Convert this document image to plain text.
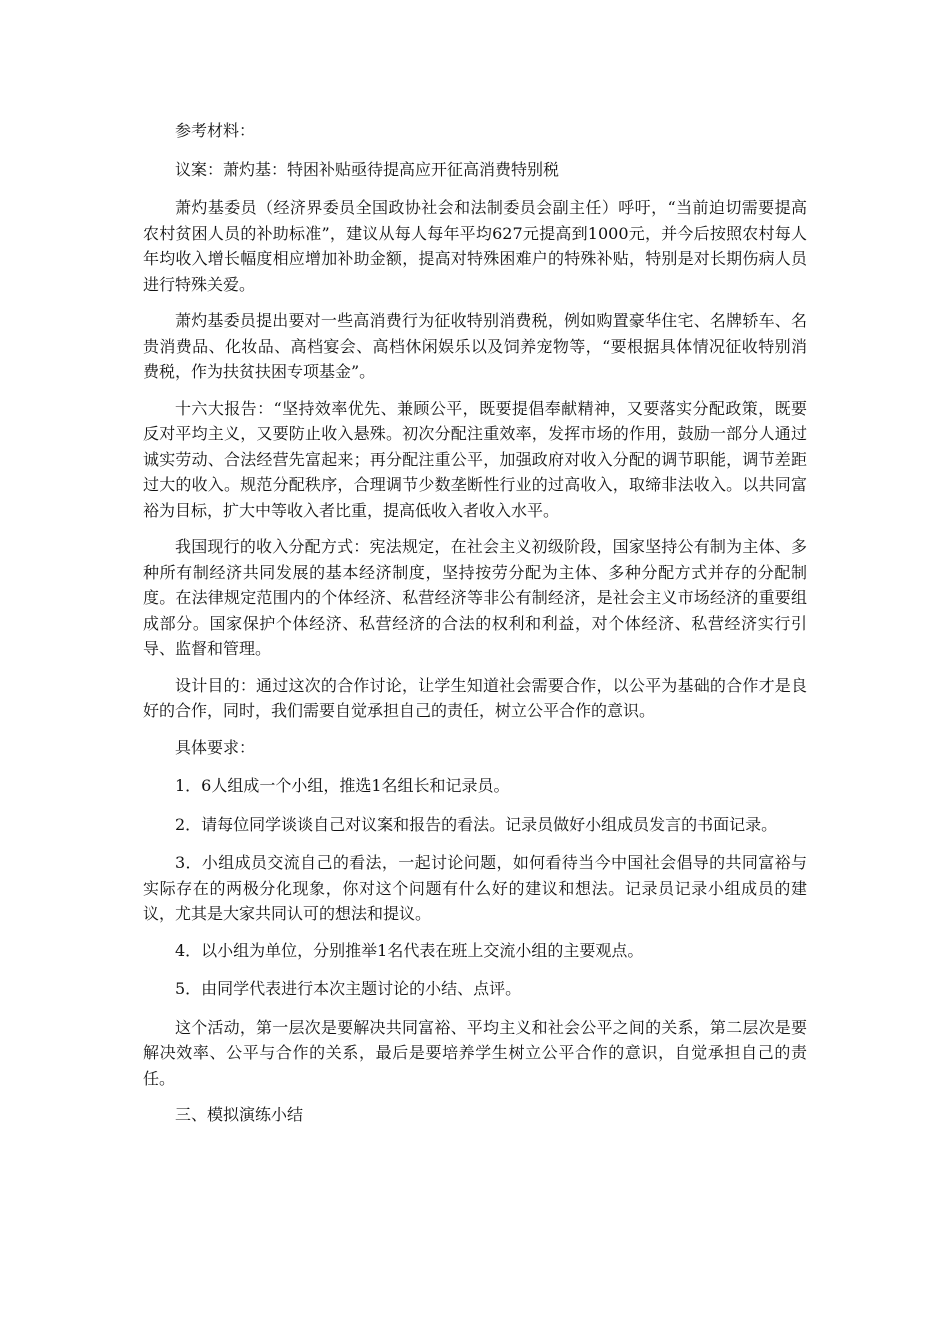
参考材料：

议案：萧灼基：特困补贴亟待提高应开征高消费特别税

萧灼基委员（经济界委员全国政协社会和法制委员会副主任）呼吁，“当前迫切需要提高农村贫困人员的补助标准”，建议从每人每年平均627元提高到1000元，并今后按照农村每人年均收入增长幅度相应增加补助金额，提高对特殊困难户的特殊补贴，特别是对长期伤病人员进行特殊关爱。

萧灼基委员提出要对一些高消费行为征收特别消费税，例如购置豪华住宅、名牌轿车、名贵消费品、化妆品、高档宴会、高档休闲娱乐以及饲养宠物等，“要根据具体情况征收特别消费税，作为扶贫扶困专项基金”。

十六大报告：“坚持效率优先、兼顾公平，既要提倡奉献精神，又要落实分配政策，既要反对平均主义，又要防止收入悬殊。初次分配注重效率，发挥市场的作用，鼓励一部分人通过诚实劳动、合法经营先富起来；再分配注重公平，加强政府对收入分配的调节职能，调节差距过大的收入。规范分配秩序，合理调节少数垄断性行业的过高收入，取缔非法收入。以共同富裕为目标，扩大中等收入者比重，提高低收入者收入水平。

我国现行的收入分配方式：宪法规定，在社会主义初级阶段，国家坚持公有制为主体、多种所有制经济共同发展的基本经济制度，坚持按劳分配为主体、多种分配方式并存的分配制度。在法律规定范围内的个体经济、私营经济等非公有制经济，是社会主义市场经济的重要组成部分。国家保护个体经济、私营经济的合法的权利和利益，对个体经济、私营经济实行引导、监督和管理。

设计目的：通过这次的合作讨论，让学生知道社会需要合作，以公平为基础的合作才是良好的合作，同时，我们需要自觉承担自己的责任，树立公平合作的意识。

具体要求：

1．6人组成一个小组，推选1名组长和记录员。

2．请每位同学谈谈自己对议案和报告的看法。记录员做好小组成员发言的书面记录。

3．小组成员交流自己的看法，一起讨论问题，如何看待当今中国社会倡导的共同富裕与实际存在的两极分化现象，你对这个问题有什么好的建议和想法。记录员记录小组成员的建议，尤其是大家共同认可的想法和提议。

4．以小组为单位，分别推举1名代表在班上交流小组的主要观点。

5．由同学代表进行本次主题讨论的小结、点评。

这个活动，第一层次是要解决共同富裕、平均主义和社会公平之间的关系，第二层次是要解决效率、公平与合作的关系，最后是要培养学生树立公平合作的意识，自觉承担自己的责任。

三、模拟演练小结
